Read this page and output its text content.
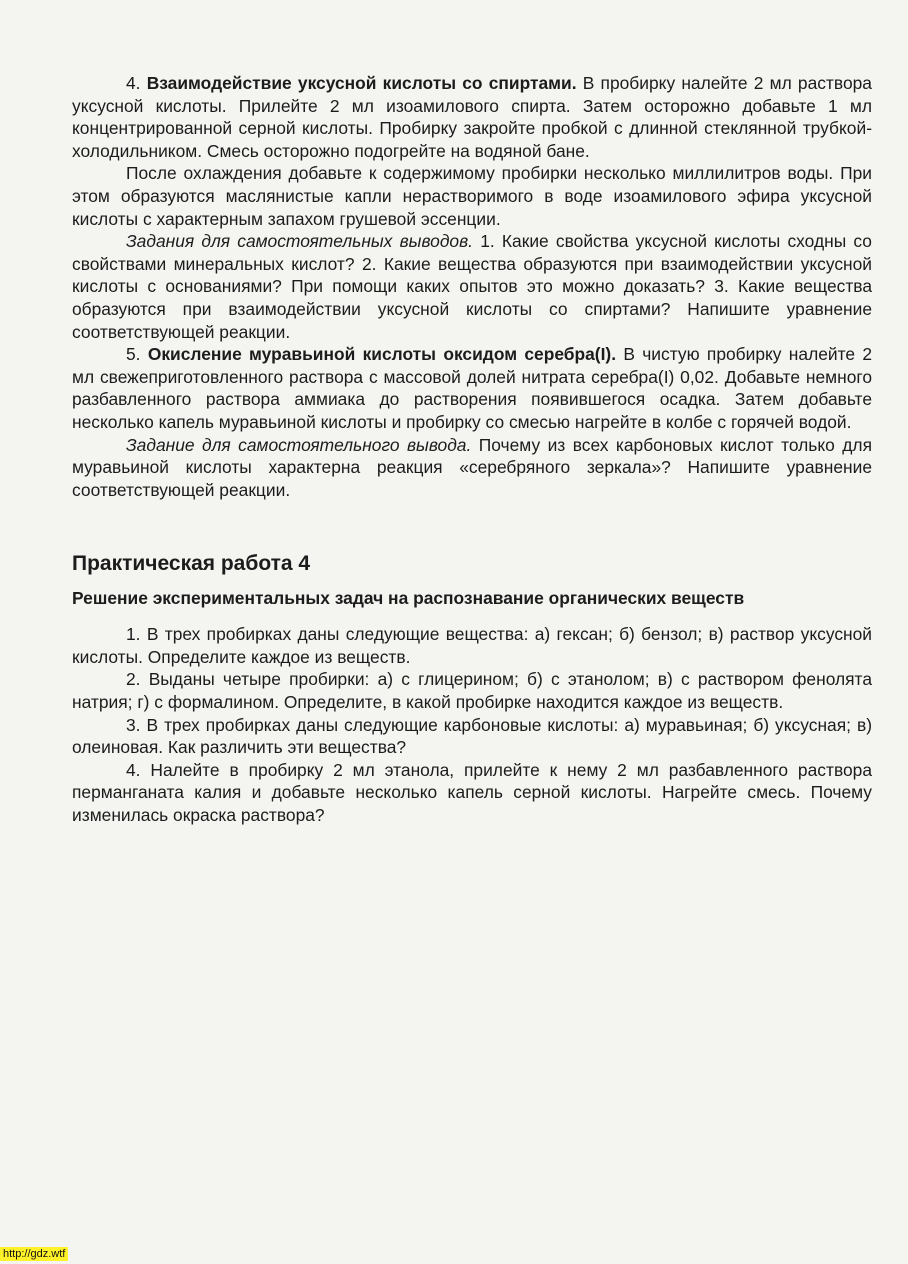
4. Взаимодействие уксусной кислоты со спиртами. В пробирку налейте 2 мл раствора уксусной кислоты. Прилейте 2 мл изоамилового спирта. Затем осторожно добавьте 1 мл концентрированной серной кислоты. Пробирку закройте пробкой с длинной стеклянной трубкой-холодильником. Смесь осторожно подогрейте на водяной бане.

После охлаждения добавьте к содержимому пробирки несколько миллилитров воды. При этом образуются маслянистые капли нерастворимого в воде изоамилового эфира уксусной кислоты с характерным запахом грушевой эссенции.

Задания для самостоятельных выводов. 1. Какие свойства уксусной кислоты сходны со свойствами минеральных кислот? 2. Какие вещества образуются при взаимодействии уксусной кислоты с основаниями? При помощи каких опытов это можно доказать? 3. Какие вещества образуются при взаимодействии уксусной кислоты со спиртами? Напишите уравнение соответствующей реакции.

5. Окисление муравьиной кислоты оксидом серебра(I). В чистую пробирку налейте 2 мл свежеприготовленного раствора с массовой долей нитрата серебра(I) 0,02. Добавьте немного разбавленного раствора аммиака до растворения появившегося осадка. Затем добавьте несколько капель муравьиной кислоты и пробирку со смесью нагрейте в колбе с горячей водой.

Задание для самостоятельного вывода. Почему из всех карбоновых кислот только для муравьиной кислоты характерна реакция «серебряного зеркала»? Напишите уравнение соответствующей реакции.

Практическая работа 4
Решение экспериментальных задач на распознавание органических веществ

1. В трех пробирках даны следующие вещества: а) гексан; б) бензол; в) раствор уксусной кислоты. Определите каждое из веществ.

2. Выданы четыре пробирки: а) с глицерином; б) с этанолом; в) с раствором фенолята натрия; г) с формалином. Определите, в какой пробирке находится каждое из веществ.

3. В трех пробирках даны следующие карбоновые кислоты: а) муравьиная; б) уксусная; в) олеиновая. Как различить эти вещества?

4. Налейте в пробирку 2 мл этанола, прилейте к нему 2 мл разбавленного раствора перманганата калия и добавьте несколько капель серной кислоты. Нагрейте смесь. Почему изменилась окраска раствора?

http://gdz.wtf
